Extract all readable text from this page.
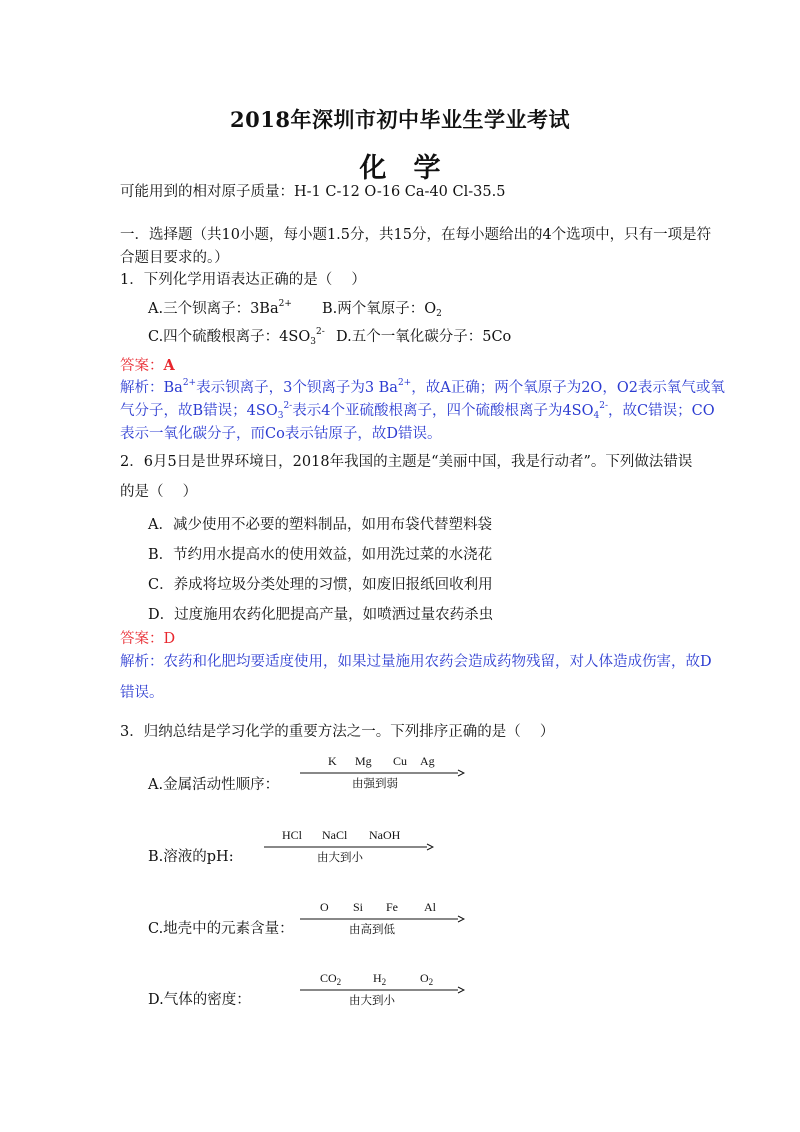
2018年深圳市初中毕业生学业考试
化　学
可能用到的相对原子质量：H-1 C-12 O-16 Ca-40 Cl-35.5
一．选择题（共10小题，每小题1.5分，共15分，在每小题给出的4个选项中，只有一项是符
合题目要求的。）
1．下列化学用语表达正确的是（　 ）
A.三个钡离子：$3Ba^{2+}$ B.两个氧原子：$O_2$
C.四个硫酸根离子：$4SO_3^{2-}$ D.五个一氧化碳分子：5Co
答案：A
解析：$Ba^{2+}$表示钡离子，3个钡离子为3 $Ba^{2+}$，故A正确；两个氧原子为2O，O2表示氧气或氧
气分子，故B错误；$4SO_3^{2-}$表示4个亚硫酸根离子，四个硫酸根离子为$4SO_4^{2-}$，故C错误；CO
表示一氧化碳分子，而Co表示钴原子，故D错误。
2．6月5日是世界环境日，2018年我国的主题是“美丽中国，我是行动者”。下列做法错误
的是（　 ）
A．减少使用不必要的塑料制品，如用布袋代替塑料袋
B．节约用水提高水的使用效益，如用洗过菜的水浇花
C．养成将垃圾分类处理的习惯，如废旧报纸回收利用
D．过度施用农药化肥提高产量，如喷洒过量农药杀虫
答案：D
解析：农药和化肥均要适度使用，如果过量施用农药会造成药物残留，对人体造成伤害，故D
错误。
3．归纳总结是学习化学的重要方法之一。下列排序正确的是（　 ）
A.金属活动性顺序：
K Mg Cu Ag
由强到弱
B.溶液的pH:
HCl NaCl NaOH
由大到小
C.地壳中的元素含量：
O Si Fe Al
由高到低
D.气体的密度：
$CO_2$	$H_2$	$O_2$
由大到小
